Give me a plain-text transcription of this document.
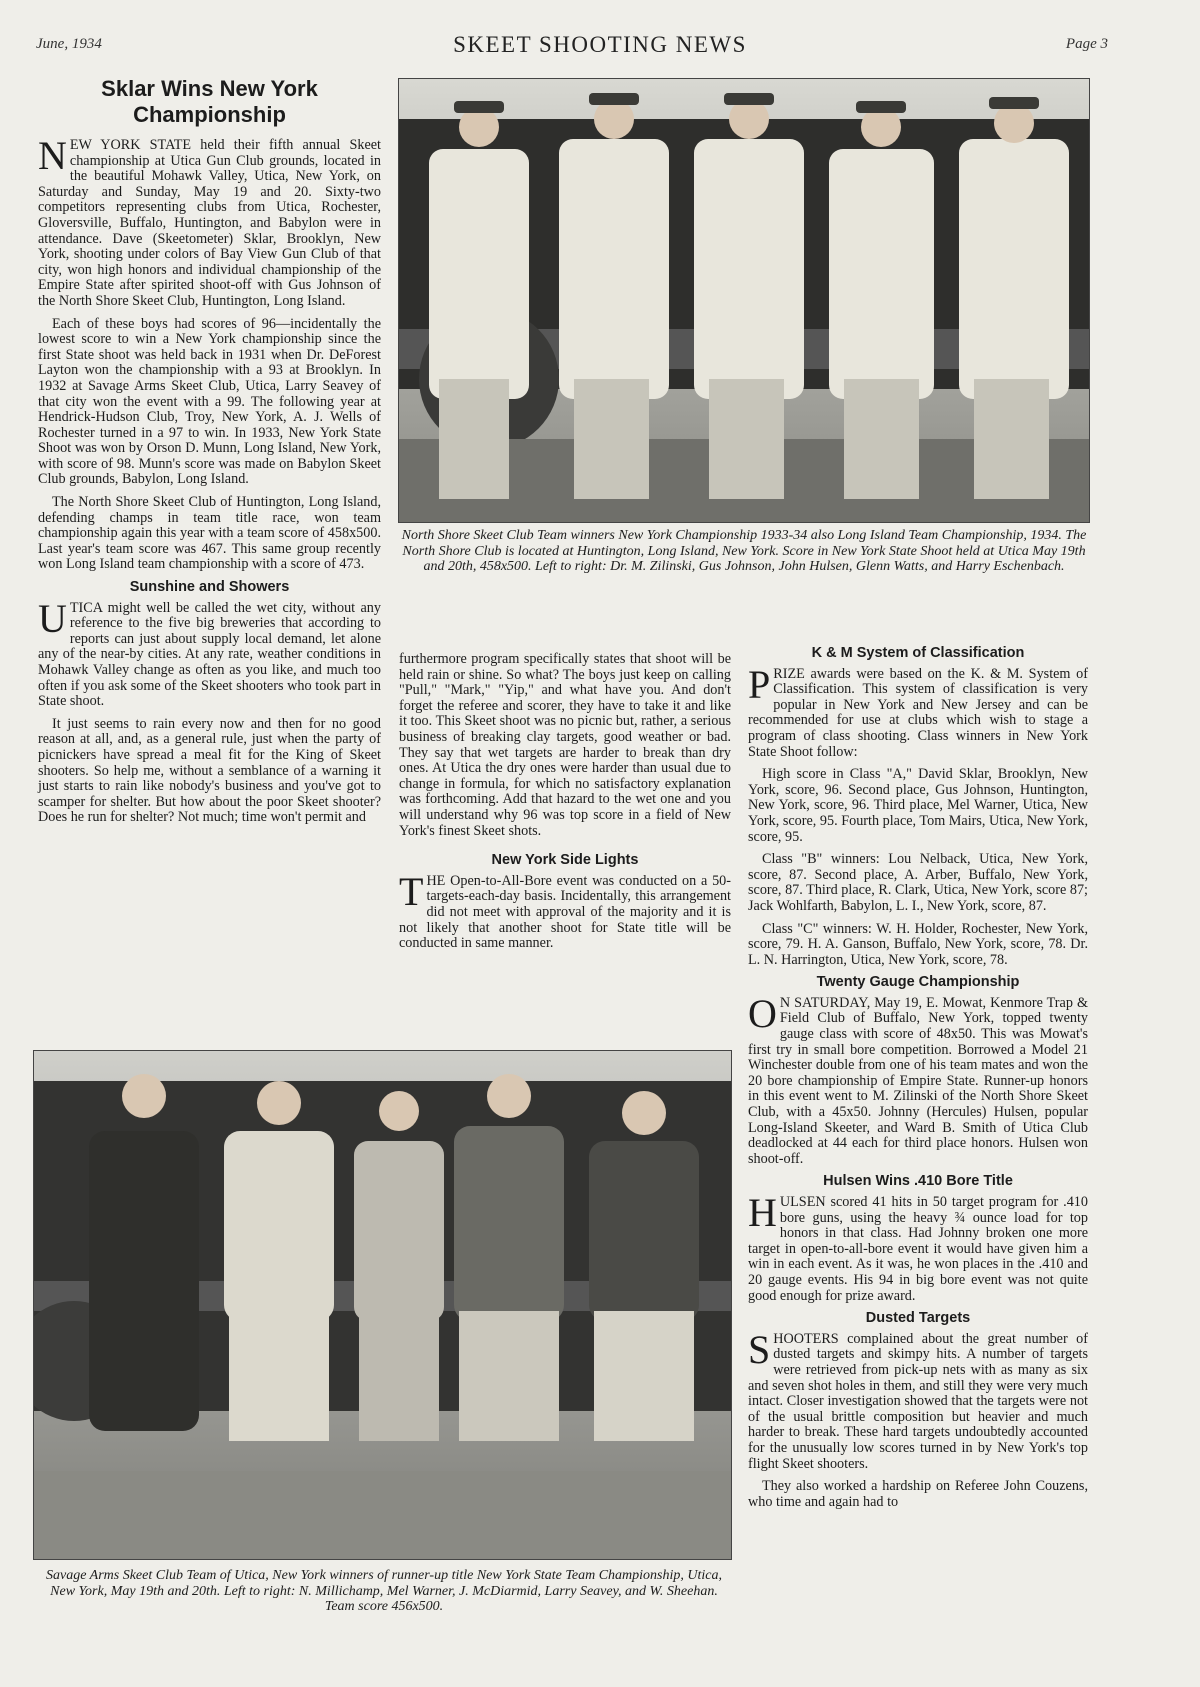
June, 1934	SKEET SHOOTING NEWS	Page 3
Sklar Wins New York Championship

NEW YORK STATE held their fifth annual Skeet championship at Utica Gun Club grounds, located in the beautiful Mohawk Valley, Utica, New York, on Saturday and Sunday, May 19 and 20. Sixty-two competitors representing clubs from Utica, Rochester, Gloversville, Buffalo, Huntington, and Babylon were in attendance. Dave (Skeetometer) Sklar, Brooklyn, New York, shooting under colors of Bay View Gun Club of that city, won high honors and individual championship of the Empire State after spirited shoot-off with Gus Johnson of the North Shore Skeet Club, Huntington, Long Island.

Each of these boys had scores of 96—incidentally the lowest score to win a New York championship since the first State shoot was held back in 1931 when Dr. DeForest Layton won the championship with a 93 at Brooklyn. In 1932 at Savage Arms Skeet Club, Utica, Larry Seavey of that city won the event with a 99. The following year at Hendrick-Hudson Club, Troy, New York, A. J. Wells of Rochester turned in a 97 to win. In 1933, New York State Shoot was won by Orson D. Munn, Long Island, New York, with score of 98. Munn's score was made on Babylon Skeet Club grounds, Babylon, Long Island.

The North Shore Skeet Club of Huntington, Long Island, defending champs in team title race, won team championship again this year with a team score of 458x500. Last year's team score was 467. This same group recently won Long Island team championship with a score of 473.

Sunshine and Showers

UTICA might well be called the wet city, without any reference to the five big breweries that according to reports can just about supply local demand, let alone any of the near-by cities. At any rate, weather conditions in Mohawk Valley change as often as you like, and much too often if you ask some of the Skeet shooters who took part in State shoot.

It just seems to rain every now and then for no good reason at all, and, as a general rule, just when the party of picnickers have spread a meal fit for the King of Skeet shooters. So help me, without a semblance of a warning it just starts to rain like nobody's business and you've got to scamper for shelter. But how about the poor Skeet shooter? Does he run for shelter? Not much; time won't permit and

North Shore Skeet Club Team winners New York Championship 1933-34 also Long Island Team Championship, 1934. The North Shore Club is located at Huntington, Long Island, New York. Score in New York State Shoot held at Utica May 19th and 20th, 458x500. Left to right: Dr. M. Zilinski, Gus Johnson, John Hulsen, Glenn Watts, and Harry Eschenbach.

furthermore program specifically states that shoot will be held rain or shine. So what? The boys just keep on calling "Pull," "Mark," "Yip," and what have you. And don't forget the referee and scorer, they have to take it and like it too. This Skeet shoot was no picnic but, rather, a serious business of breaking clay targets, good weather or bad. They say that wet targets are harder to break than dry ones. At Utica the dry ones were harder than usual due to change in formula, for which no satisfactory explanation was forthcoming. Add that hazard to the wet one and you will understand why 96 was top score in a field of New York's finest Skeet shots.

New York Side Lights

THE Open-to-All-Bore event was conducted on a 50-targets-each-day basis. Incidentally, this arrangement did not meet with approval of the majority and it is not likely that another shoot for State title will be conducted in same manner.

K & M System of Classification

PRIZE awards were based on the K. & M. System of Classification. This system of classification is very popular in New York and New Jersey and can be recommended for use at clubs which wish to stage a program of class shooting. Class winners in New York State Shoot follow:

High score in Class "A," David Sklar, Brooklyn, New York, score, 96. Second place, Gus Johnson, Huntington, New York, score, 96. Third place, Mel Warner, Utica, New York, score, 95. Fourth place, Tom Mairs, Utica, New York, score, 95.

Class "B" winners: Lou Nelback, Utica, New York, score, 87. Second place, A. Arber, Buffalo, New York, score, 87. Third place, R. Clark, Utica, New York, score 87; Jack Wohlfarth, Babylon, L. I., New York, score, 87.

Class "C" winners: W. H. Holder, Rochester, New York, score, 79. H. A. Ganson, Buffalo, New York, score, 78. Dr. L. N. Harrington, Utica, New York, score, 78.

Twenty Gauge Championship

O N SATURDAY, May 19, E. Mowat, Kenmore Trap & Field Club of Buffalo, New York, topped twenty gauge class with score of 48x50. This was Mowat's first try in small bore competition. Borrowed a Model 21 Winchester double from one of his team mates and won the 20 bore championship of Empire State. Runner-up honors in this event went to M. Zilinski of the North Shore Skeet Club, with a 45x50. Johnny (Hercules) Hulsen, popular Long-Island Skeeter, and Ward B. Smith of Utica Club deadlocked at 44 each for third place honors. Hulsen won shoot-off.

Hulsen Wins .410 Bore Title

HULSEN scored 41 hits in 50 target program for .410 bore guns, using the heavy ¾ ounce load for top honors in that class. Had Johnny broken one more target in open-to-all-bore event it would have given him a win in each event. As it was, he won places in the .410 and 20 gauge events. His 94 in big bore event was not quite good enough for prize award.

Dusted Targets

SHOOTERS complained about the great number of dusted targets and skimpy hits. A number of targets were retrieved from pick-up nets with as many as six and seven shot holes in them, and still they were very much intact. Closer investigation showed that the targets were not of the usual brittle composition but heavier and much harder to break. These hard targets undoubtedly accounted for the unusually low scores turned in by New York's top flight Skeet shooters.

They also worked a hardship on Referee John Couzens, who time and again had to

Savage Arms Skeet Club Team of Utica, New York winners of runner-up title New York State Team Championship, Utica, New York, May 19th and 20th. Left to right: N. Millichamp, Mel Warner, J. McDiarmid, Larry Seavey, and W. Sheehan. Team score 456x500.
